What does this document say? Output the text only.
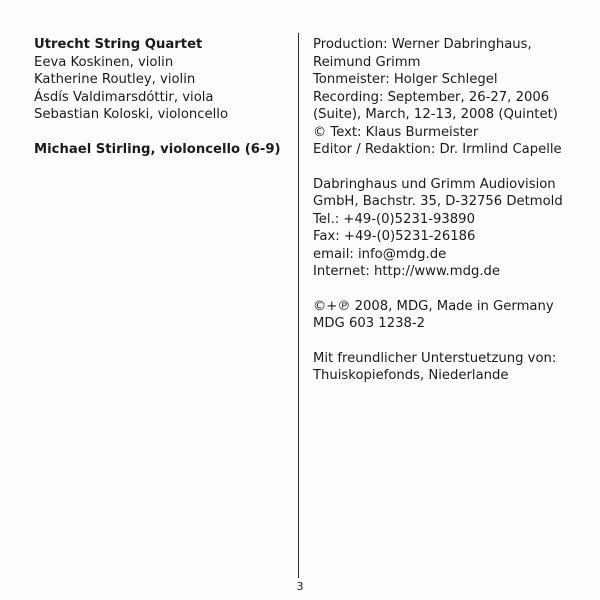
Utrecht String Quartet
Eeva Koskinen, violin
Katherine Routley, violin
Ásdís Valdimarsdóttir, viola
Sebastian Koloski, violoncello
Michael Stirling, violoncello (6-9)
Production: Werner Dabringhaus,
Reimund Grimm
Tonmeister: Holger Schlegel
Recording: September, 26-27, 2006
(Suite), March, 12-13, 2008 (Quintet)
© Text: Klaus Burmeister
Editor / Redaktion: Dr. Irmlind Capelle
Dabringhaus und Grimm Audiovision
GmbH, Bachstr. 35, D-32756 Detmold
Tel.: +49-(0)5231-93890
Fax: +49-(0)5231-26186
email: info@mdg.de
Internet: http://www.mdg.de
©+℗ 2008, MDG, Made in Germany
MDG 603 1238-2
Mit freundlicher Unterstuetzung von:
Thuiskopiefonds, Niederlande
3
